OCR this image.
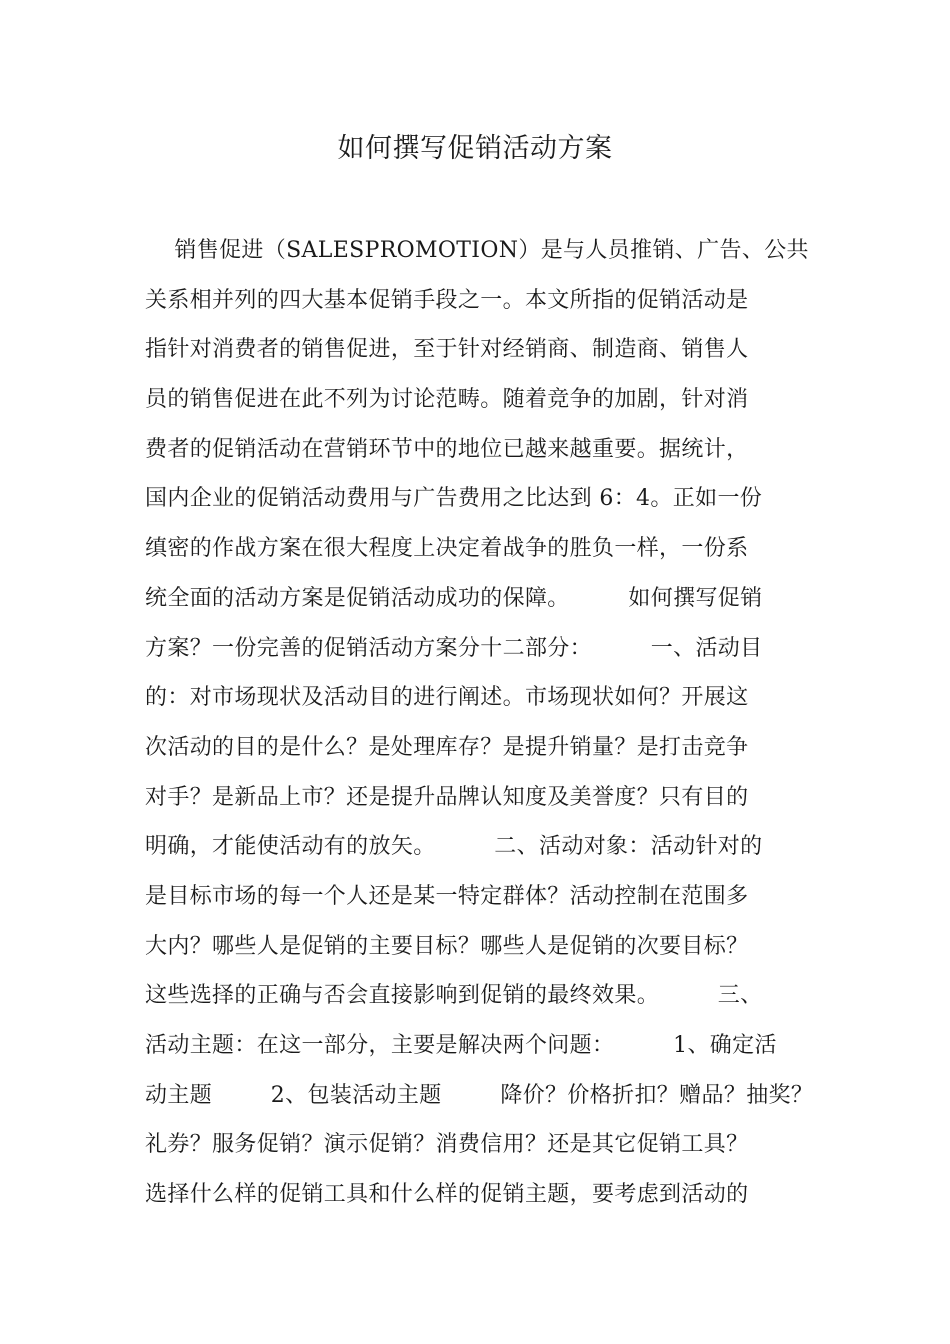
如何撰写促销活动方案
销售促进（SALESPROMOTION）是与人员推销、广告、公共
关系相并列的四大基本促销手段之一。本文所指的促销活动是
指针对消费者的销售促进，至于针对经销商、制造商、销售人
员的销售促进在此不列为讨论范畴。随着竞争的加剧，针对消
费者的促销活动在营销环节中的地位已越来越重要。据统计，
国内企业的促销活动费用与广告费用之比达到 6：4。正如一份
缜密的作战方案在很大程度上决定着战争的胜负一样，一份系
统全面的活动方案是促销活动成功的保障。        如何撰写促销
方案？一份完善的促销活动方案分十二部分：        一、活动目
的：对市场现状及活动目的进行阐述。市场现状如何？开展这
次活动的目的是什么？是处理库存？是提升销量？是打击竞争
对手？是新品上市？还是提升品牌认知度及美誉度？只有目的
明确，才能使活动有的放矢。        二、活动对象：活动针对的
是目标市场的每一个人还是某一特定群体？活动控制在范围多
大内？哪些人是促销的主要目标？哪些人是促销的次要目标？
这些选择的正确与否会直接影响到促销的最终效果。        三、
活动主题：在这一部分，主要是解决两个问题：        1、确定活
动主题        2、包装活动主题        降价？价格折扣？赠品？抽奖？
礼券？服务促销？演示促销？消费信用？还是其它促销工具？
选择什么样的促销工具和什么样的促销主题，要考虑到活动的
